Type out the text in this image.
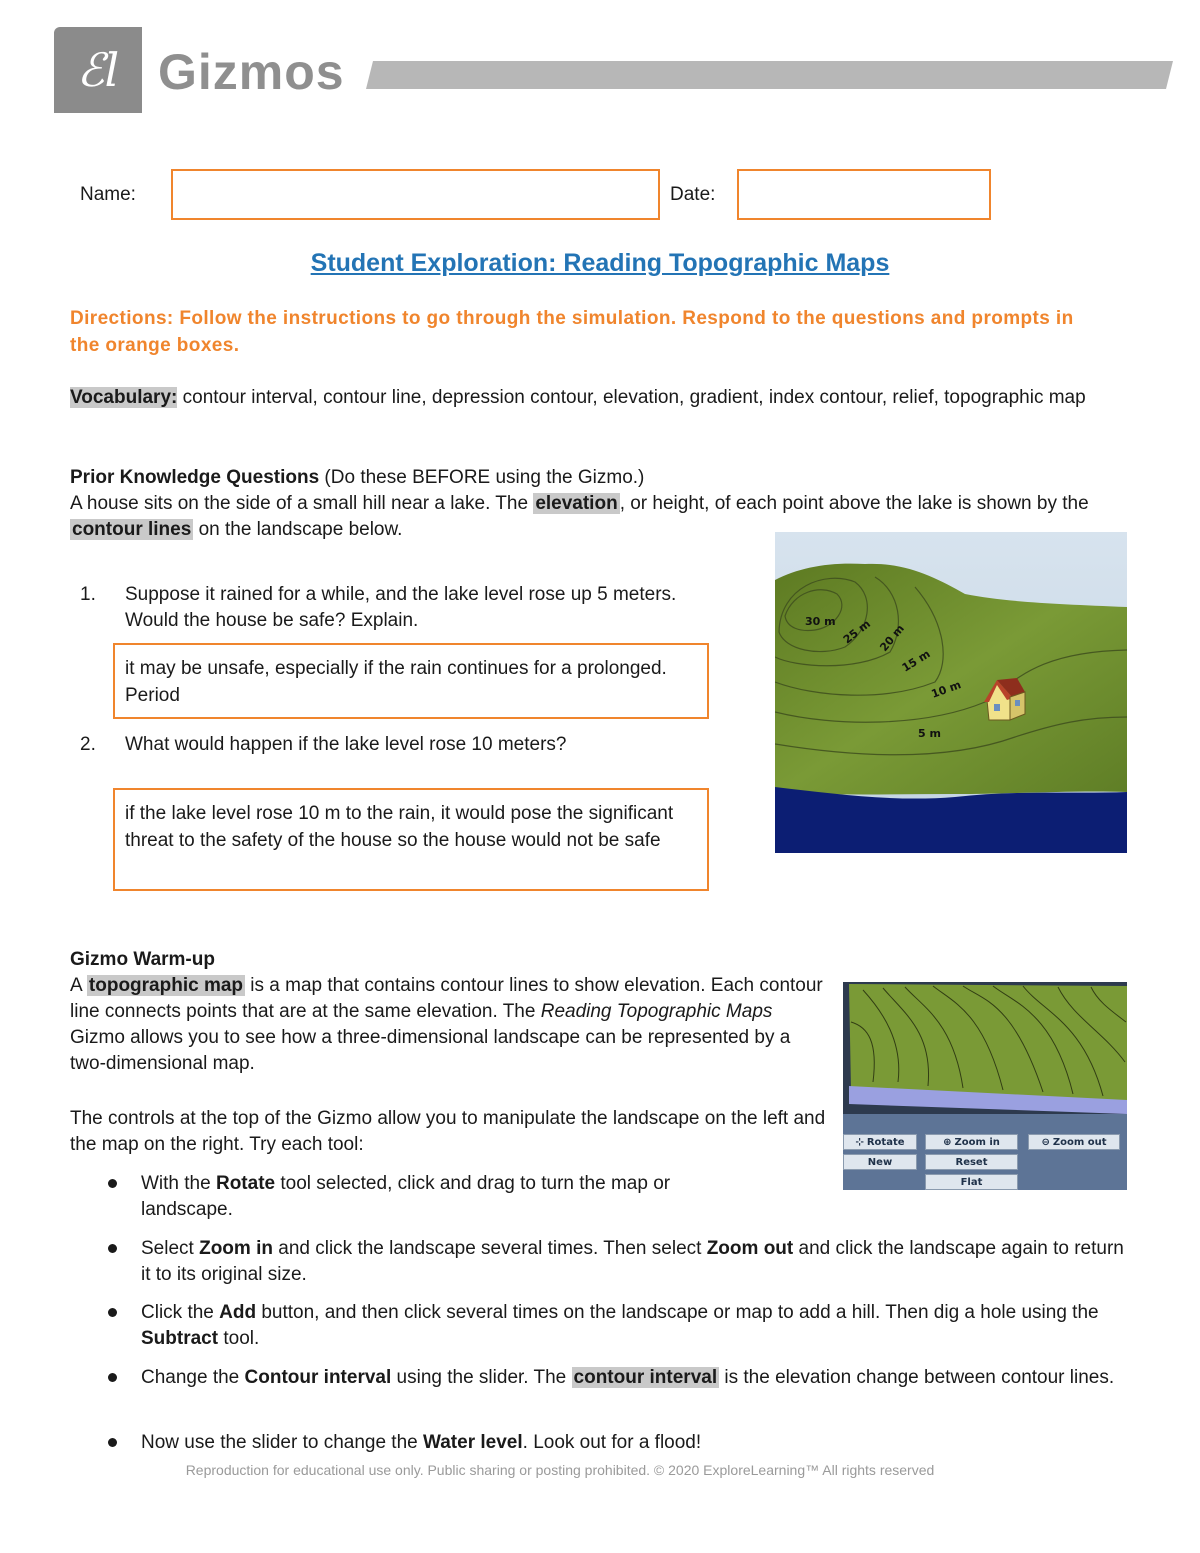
ℰl Gizmos
Name:	Date:
Student Exploration: Reading Topographic Maps
Directions: Follow the instructions to go through the simulation. Respond to the questions and prompts in the orange boxes.
Vocabulary: contour interval, contour line, depression contour, elevation, gradient, index contour, relief, topographic map
Prior Knowledge Questions (Do these BEFORE using the Gizmo.)
A house sits on the side of a small hill near a lake. The elevation , or height, of each point above the lake is shown by the contour lines on the landscape below.
1. Suppose it rained for a while, and the lake level rose up 5 meters. Would the house be safe? Explain.
it may be unsafe, especially if the rain continues for a prolonged. Period
2. What would happen if the lake level rose 10 meters?
if the lake level rose 10 m to the rain, it would pose the significant threat to the safety of the house so the house would not be safe
30 m 25 m 20 m
15 m
10 m
5 m
Gizmo Warm-up
A topographic map is a map that contains contour lines to show elevation. Each contour line connects points that are at the same elevation. The Reading Topographic Maps Gizmo allows you to see how a three-dimensional landscape can be represented by a two-dimensional map.
The controls at the top of the Gizmo allow you to manipulate the landscape on the left and the map on the right. Try each tool:	⊹ Rotate	⊕ Zoom in	⊖ Zoom out
New	Reset
Flat
With the Rotate tool selected, click and drag to turn the map or landscape.
Select Zoom in and click the landscape several times. Then select Zoom out and click the landscape again to return it to its original size.
Click the Add button, and then click several times on the landscape or map to add a hill. Then dig a hole using the Subtract tool.
Change the Contour interval using the slider. The contour interval is the elevation change between contour lines.
Now use the slider to change the Water level. Look out for a flood!
Reproduction for educational use only. Public sharing or posting prohibited. © 2020 ExploreLearning™ All rights reserved
